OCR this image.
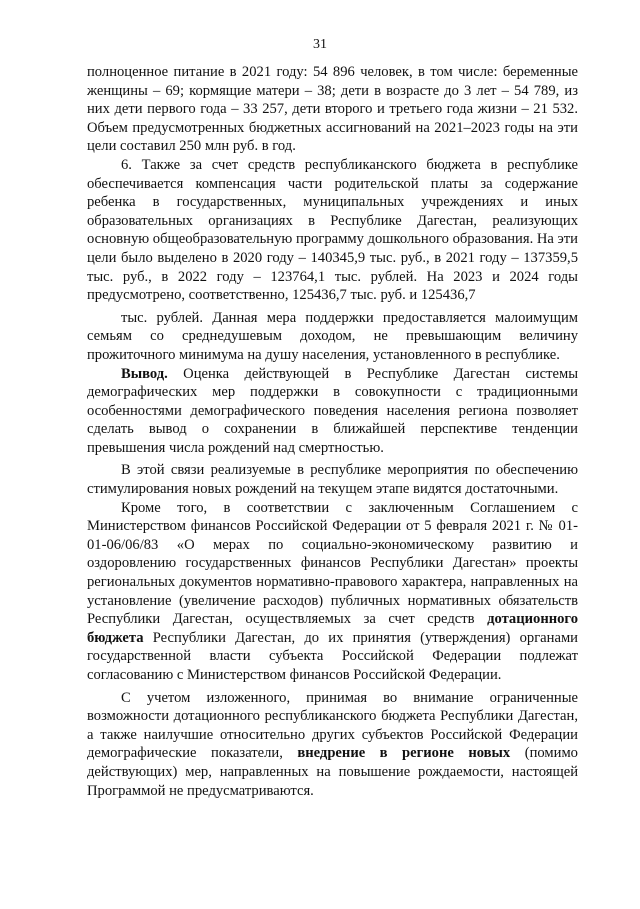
31

полноценное питание в 2021 году: 54 896 человек, в том числе: беременные женщины – 69; кормящие матери – 38; дети в возрасте до 3 лет – 54 789, из них дети первого года – 33 257, дети второго и третьего года жизни – 21 532. Объем предусмотренных бюджетных ассигнований на 2021–2023 годы на эти цели составил 250 млн руб. в год.

6. Также за счет средств республиканского бюджета в республике обеспечивается компенсация части родительской платы за содержание ребенка в государственных, муниципальных учреждениях и иных образовательных организациях в Республике Дагестан, реализующих основную общеобразовательную программу дошкольного образования. На эти цели было выделено в 2020 году – 140345,9 тыс. руб., в 2021 году – 137359,5 тыс. руб., в 2022 году – 123764,1 тыс. рублей. На 2023 и 2024 годы предусмотрено, соответственно, 125436,7 тыс. руб. и 125436,7

тыс. рублей. Данная мера поддержки предоставляется малоимущим семьям со среднедушевым доходом, не превышающим величину прожиточного минимума на душу населения, установленного в республике.

Вывод. Оценка действующей в Республике Дагестан системы демографических мер поддержки в совокупности с традиционными особенностями демографического поведения населения региона позволяет сделать вывод о сохранении в ближайшей перспективе тенденции превышения числа рождений над смертностью.

В этой связи реализуемые в республике мероприятия по обеспечению стимулирования новых рождений на текущем этапе видятся достаточными.

Кроме того, в соответствии с заключенным Соглашением с Министерством финансов Российской Федерации от 5 февраля 2021 г. № 01-01-06/06/83 «О мерах по социально-экономическому развитию и оздоровлению государственных финансов Республики Дагестан» проекты региональных документов нормативно-правового характера, направленных на установление (увеличение расходов) публичных нормативных обязательств Республики Дагестан, осуществляемых за счет средств дотационного бюджета Республики Дагестан, до их принятия (утверждения) органами государственной власти субъекта Российской Федерации подлежат согласованию с Министерством финансов Российской Федерации.

С учетом изложенного, принимая во внимание ограниченные возможности дотационного республиканского бюджета Республики Дагестан, а также наилучшие относительно других субъектов Российской Федерации демографические показатели, внедрение в регионе новых (помимо действующих) мер, направленных на повышение рождаемости, настоящей Программой не предусматриваются.
